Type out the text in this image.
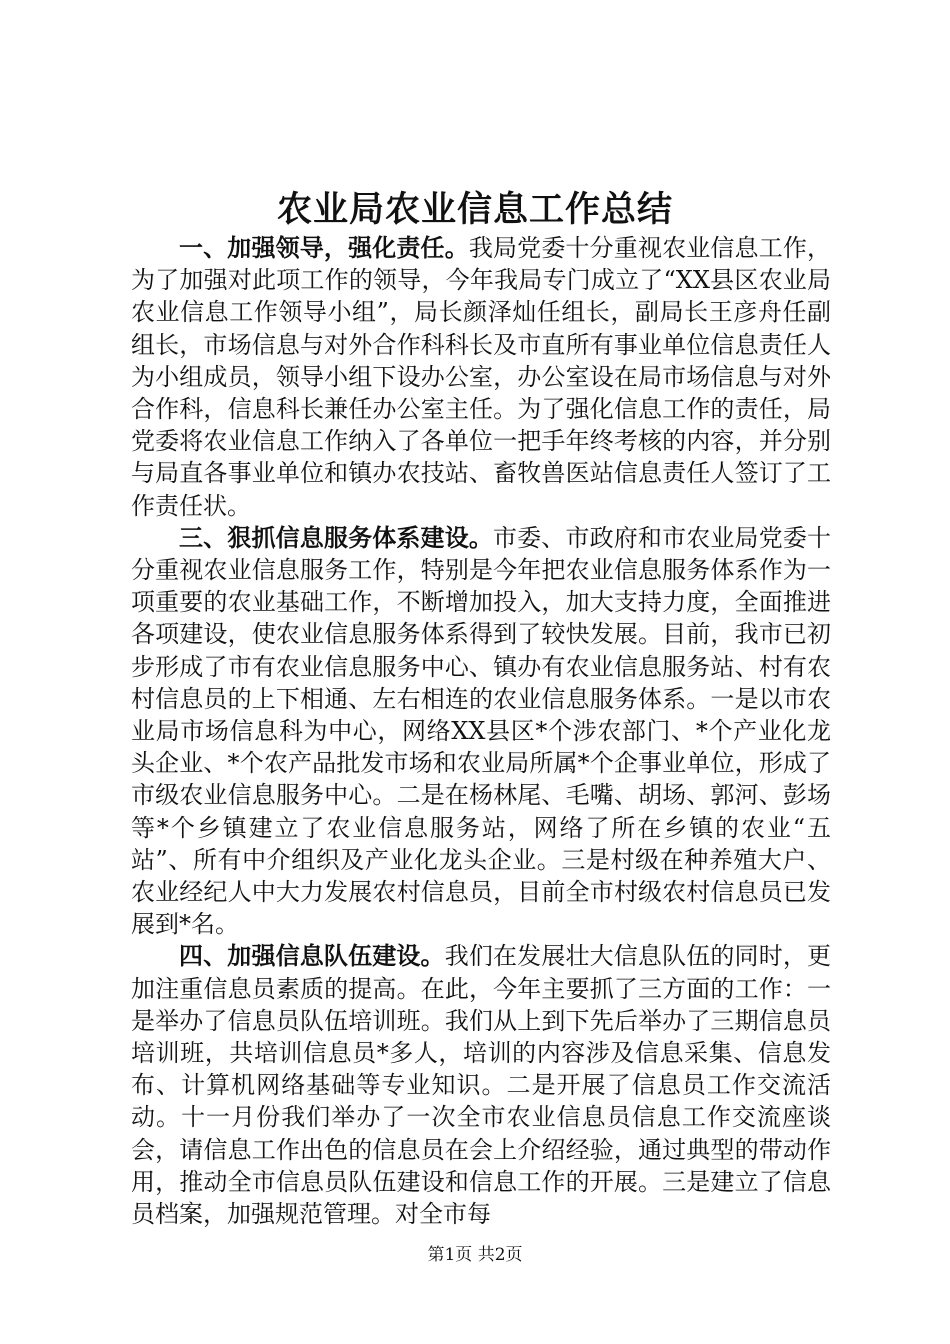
农业局农业信息工作总结

一、加强领导，强化责任。我局党委十分重视农业信息工作，为了加强对此项工作的领导，今年我局专门成立了“XX县区农业局农业信息工作领导小组”，局长颜泽灿任组长，副局长王彦舟任副组长，市场信息与对外合作科科长及市直所有事业单位信息责任人为小组成员，领导小组下设办公室，办公室设在局市场信息与对外合作科，信息科长兼任办公室主任。为了强化信息工作的责任，局党委将农业信息工作纳入了各单位一把手年终考核的内容，并分别与局直各事业单位和镇办农技站、畜牧兽医站信息责任人签订了工作责任状。

三、狠抓信息服务体系建设。市委、市政府和市农业局党委十分重视农业信息服务工作，特别是今年把农业信息服务体系作为一项重要的农业基础工作，不断增加投入，加大支持力度，全面推进各项建设，使农业信息服务体系得到了较快发展。目前，我市已初步形成了市有农业信息服务中心、镇办有农业信息服务站、村有农村信息员的上下相通、左右相连的农业信息服务体系。一是以市农业局市场信息科为中心，网络XX县区*个涉农部门、*个产业化龙头企业、*个农产品批发市场和农业局所属*个企事业单位，形成了市级农业信息服务中心。二是在杨林尾、毛嘴、胡场、郭河、彭场等*个乡镇建立了农业信息服务站，网络了所在乡镇的农业“五站”、所有中介组织及产业化龙头企业。三是村级在种养殖大户、农业经纪人中大力发展农村信息员，目前全市村级农村信息员已发展到*名。

四、加强信息队伍建设。我们在发展壮大信息队伍的同时，更加注重信息员素质的提高。在此，今年主要抓了三方面的工作：一是举办了信息员队伍培训班。我们从上到下先后举办了三期信息员培训班，共培训信息员*多人，培训的内容涉及信息采集、信息发布、计算机网络基础等专业知识。二是开展了信息员工作交流活动。十一月份我们举办了一次全市农业信息员信息工作交流座谈会，请信息工作出色的信息员在会上介绍经验，通过典型的带动作用，推动全市信息员队伍建设和信息工作的开展。三是建立了信息员档案，加强规范管理。对全市每

第1页 共2页
